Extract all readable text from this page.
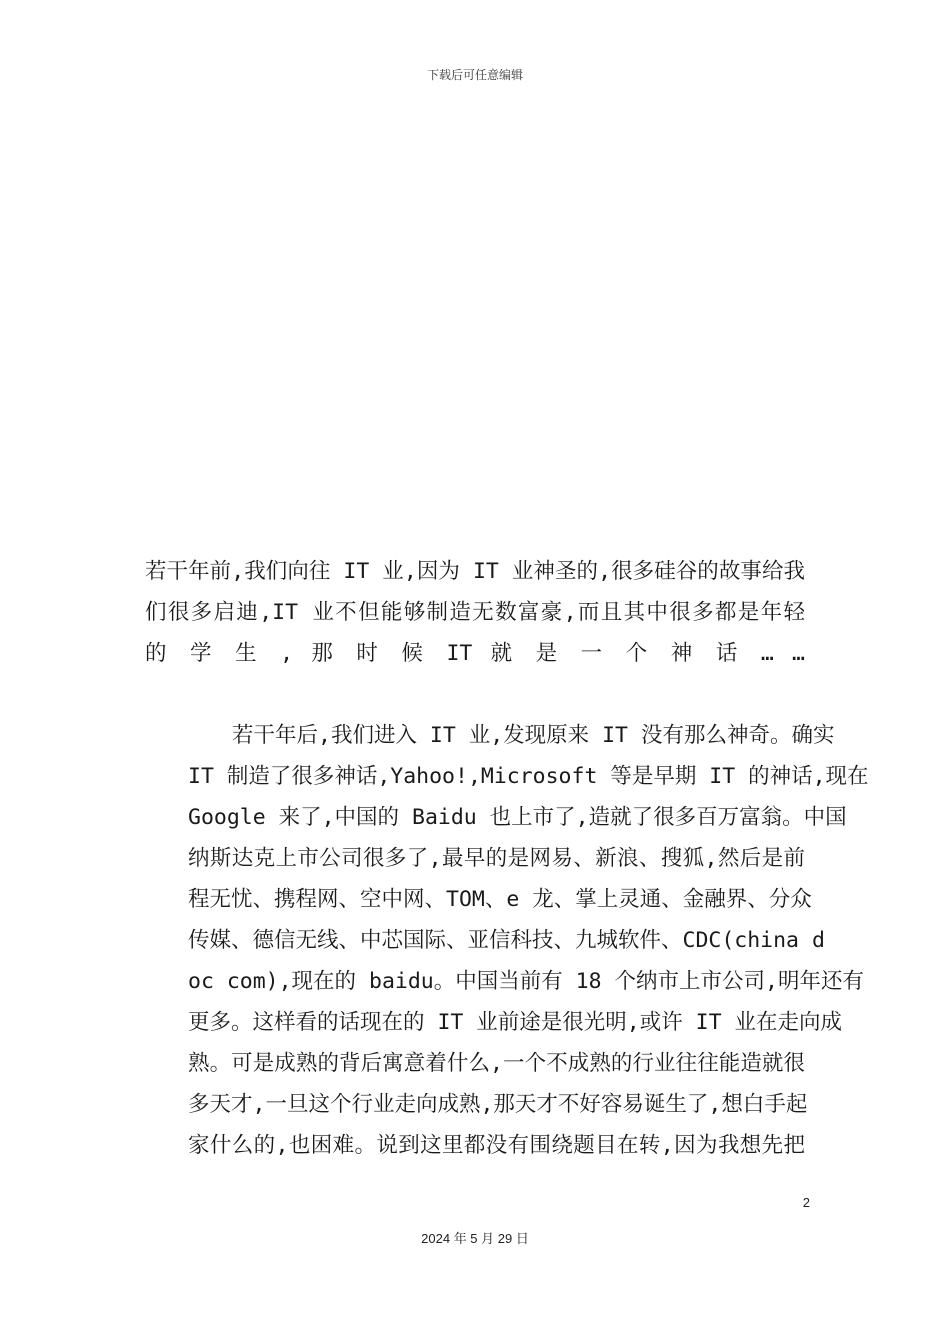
下载后可任意编辑
若干年前,我们向往 IT 业,因为 IT 业神圣的,很多硅谷的故事给我
们很多启迪,IT 业不但能够制造无数富豪,而且其中很多都是年轻
的 学 生 , 那 时 候 IT 就 是 一 个 神 话 … …
若干年后,我们进入 IT 业,发现原来 IT 没有那么神奇。确实
IT 制造了很多神话,Yahoo!,Microsoft 等是早期 IT 的神话,现在
Google 来了,中国的 Baidu 也上市了,造就了很多百万富翁。中国
纳斯达克上市公司很多了,最早的是网易、新浪、搜狐,然后是前
程无忧、携程网、空中网、TOM、e 龙、掌上灵通、金融界、分众
传媒、德信无线、中芯国际、亚信科技、九城软件、CDC(china d
oc com),现在的 baidu。中国当前有 18 个纳市上市公司,明年还有
更多。这样看的话现在的 IT 业前途是很光明,或许 IT 业在走向成
熟。可是成熟的背后寓意着什么,一个不成熟的行业往往能造就很
多天才,一旦这个行业走向成熟,那天才不好容易诞生了,想白手起
家什么的,也困难。说到这里都没有围绕题目在转,因为我想先把
2
2024 年 5 月 29 日
